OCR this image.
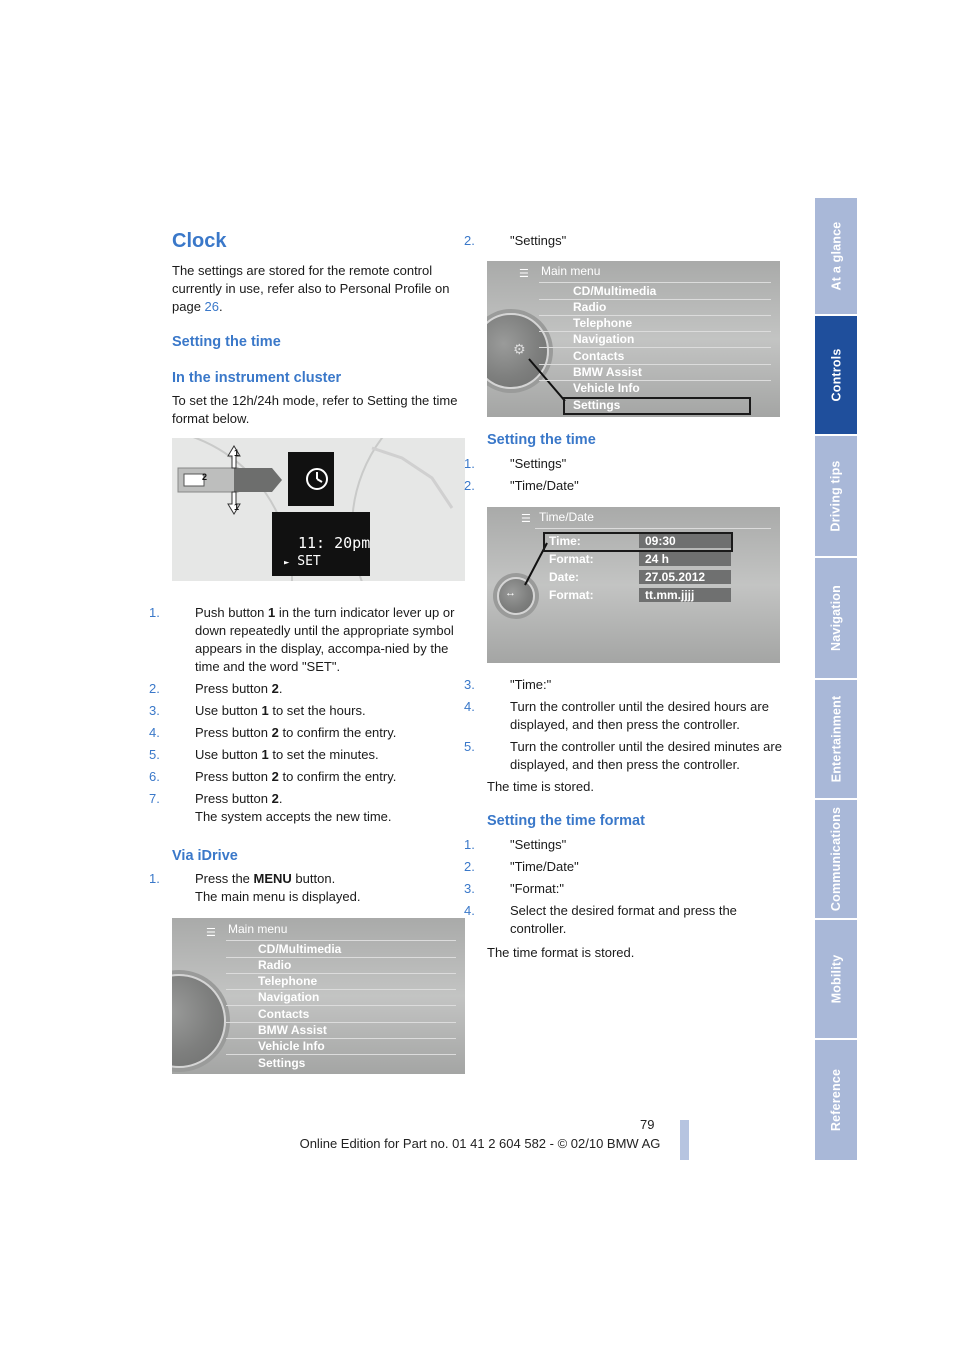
At a glance
Controls
Driving tips
Navigation
Entertainment
Communications
Mobility
Reference
Clock
The settings are stored for the remote control currently in use, refer also to Personal Profile on page 26.
Setting the time
In the instrument cluster
To set the 12h/24h mode, refer to Setting the time format below.
1
2
1
11: 20pm
► SET
1.	Push button 1 in the turn indicator lever up or down repeatedly until the appropriate symbol appears in the display, accompa-nied by the time and the word "SET".
2.	Press button 2.
3.	Use button 1 to set the hours.
4.	Press button 2 to confirm the entry.
5.	Use button 1 to set the minutes.
6.	Press button 2 to confirm the entry.
7.	Press button 2.
The system accepts the new time.
Via iDrive
1.	Press the MENU button.
The main menu is displayed.
☰ Main menu
CD/Multimedia
Radio
Telephone
Navigation
Contacts
BMW Assist
Vehicle Info
Settings
2.	"Settings"
⚙
☰ Main menu
CD/Multimedia
Radio
Telephone
Navigation
Contacts
BMW Assist
Vehicle Info
Settings
Setting the time
1.	"Settings"
2.	"Time/Date"
↔
☰ Time/Date
Time:	09:30
Format:	24 h
Date:	27.05.2012
Format:	tt.mm.jjjj
3.	"Time:"
4.	Turn the controller until the desired hours are displayed, and then press the controller.
5.	Turn the controller until the desired minutes are displayed, and then press the controller.
The time is stored.
Setting the time format
1.	"Settings"
2.	"Time/Date"
3.	"Format:"
4.	Select the desired format and press the controller.
The time format is stored.
79
Online Edition for Part no. 01 41 2 604 582 - © 02/10 BMW AG
